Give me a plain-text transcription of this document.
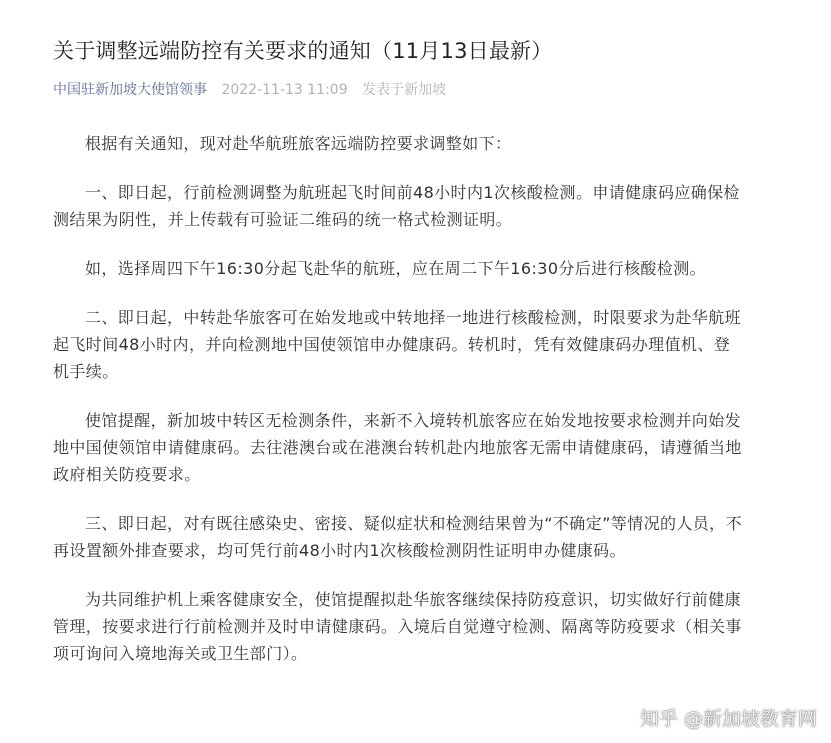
关于调整远端防控有关要求的通知（11月13日最新）
中国驻新加坡大使馆领事 2022-11-13 11:09 发表于新加坡

根据有关通知，现对赴华航班旅客远端防控要求调整如下：

一、即日起，行前检测调整为航班起飞时间前48小时内1次核酸检测。申请健康码应确保检测结果为阴性，并上传载有可验证二维码的统一格式检测证明。

如，选择周四下午16:30分起飞赴华的航班，应在周二下午16:30分后进行核酸检测。

二、即日起，中转赴华旅客可在始发地或中转地择一地进行核酸检测，时限要求为赴华航班起飞时间48小时内，并向检测地中国使领馆申办健康码。转机时，凭有效健康码办理值机、登机手续。

使馆提醒，新加坡中转区无检测条件，来新不入境转机旅客应在始发地按要求检测并向始发地中国使领馆申请健康码。去往港澳台或在港澳台转机赴内地旅客无需申请健康码，请遵循当地政府相关防疫要求。

三、即日起，对有既往感染史、密接、疑似症状和检测结果曾为“不确定”等情况的人员，不再设置额外排查要求，均可凭行前48小时内1次核酸检测阴性证明申办健康码。

为共同维护机上乘客健康安全，使馆提醒拟赴华旅客继续保持防疫意识，切实做好行前健康管理，按要求进行行前检测并及时申请健康码。入境后自觉遵守检测、隔离等防疫要求（相关事项可询问入境地海关或卫生部门）。

知乎 @新加坡教育网
